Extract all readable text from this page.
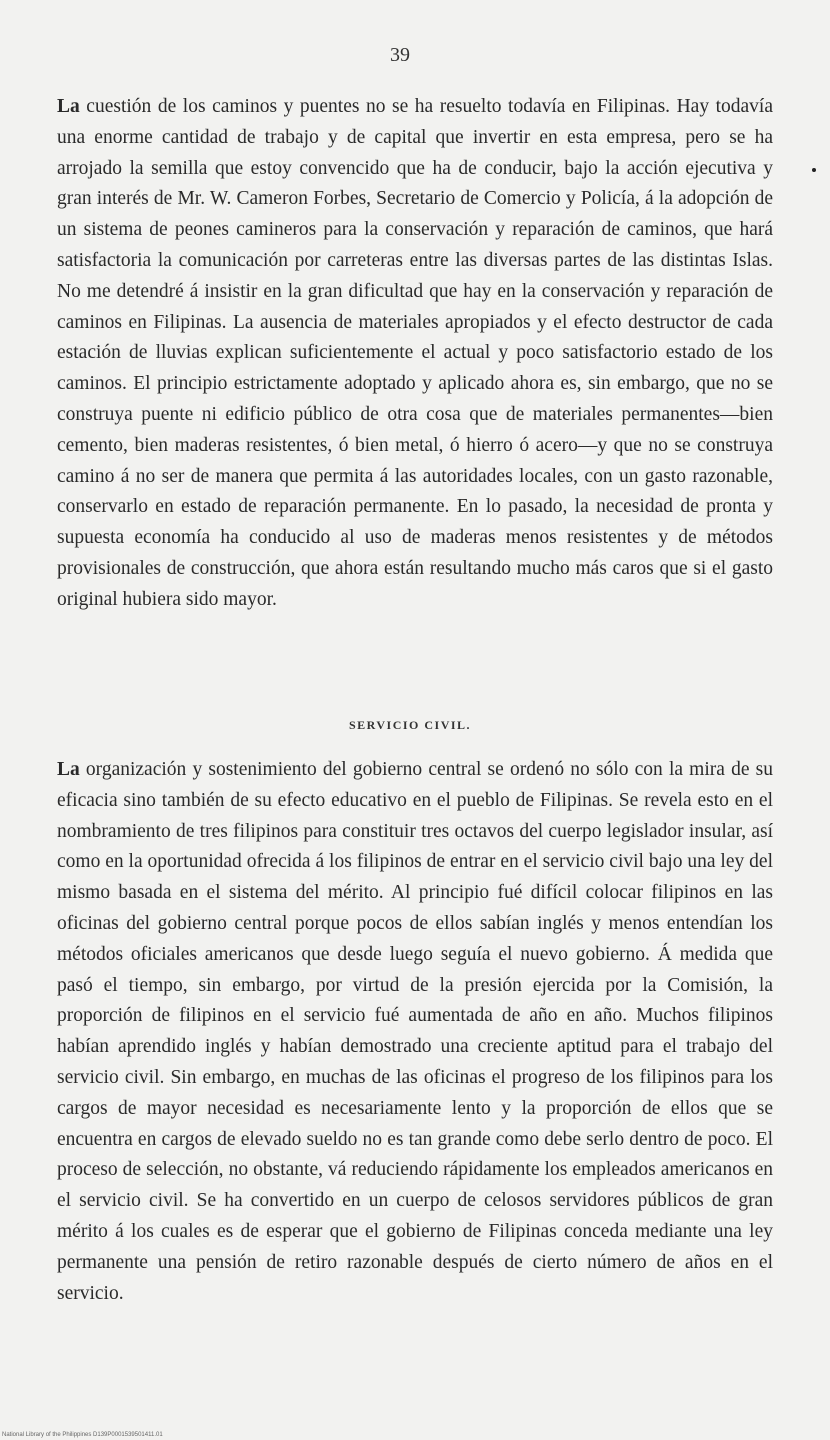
39
La cuestión de los caminos y puentes no se ha resuelto todavía en Filipinas. Hay todavía una enorme cantidad de trabajo y de capital que invertir en esta empresa, pero se ha arrojado la semilla que estoy convencido que ha de conducir, bajo la acción ejecutiva y gran interés de Mr. W. Cameron Forbes, Secretario de Comercio y Policía, á la adopción de un sistema de peones camineros para la conservación y reparación de caminos, que hará satisfactoria la comunicación por carreteras entre las diversas partes de las distintas Islas. No me detendré á insistir en la gran dificultad que hay en la conservación y reparación de caminos en Filipinas. La ausencia de materiales apropiados y el efecto destructor de cada estación de lluvias explican suficientemente el actual y poco satisfactorio estado de los caminos. El principio estrictamente adoptado y aplicado ahora es, sin embargo, que no se construya puente ni edificio público de otra cosa que de materiales permanentes—bien cemento, bien maderas resistentes, ó bien metal, ó hierro ó acero—y que no se construya camino á no ser de manera que permita á las autoridades locales, con un gasto razonable, conservarlo en estado de reparación permanente. En lo pasado, la necesidad de pronta y supuesta economía ha conducido al uso de maderas menos resistentes y de métodos provisionales de construcción, que ahora están resultando mucho más caros que si el gasto original hubiera sido mayor.
SERVICIO CIVIL.
La organización y sostenimiento del gobierno central se ordenó no sólo con la mira de su eficacia sino también de su efecto educativo en el pueblo de Filipinas. Se revela esto en el nombramiento de tres filipinos para constituir tres octavos del cuerpo legislador insular, así como en la oportunidad ofrecida á los filipinos de entrar en el servicio civil bajo una ley del mismo basada en el sistema del mérito. Al principio fué difícil colocar filipinos en las oficinas del gobierno central porque pocos de ellos sabían inglés y menos entendían los métodos oficiales americanos que desde luego seguía el nuevo gobierno. Á medida que pasó el tiempo, sin embargo, por virtud de la presión ejercida por la Comisión, la proporción de filipinos en el servicio fué aumentada de año en año. Muchos filipinos habían aprendido inglés y habían demostrado una creciente aptitud para el trabajo del servicio civil. Sin embargo, en muchas de las oficinas el progreso de los filipinos para los cargos de mayor necesidad es necesariamente lento y la proporción de ellos que se encuentra en cargos de elevado sueldo no es tan grande como debe serlo dentro de poco. El proceso de selección, no obstante, vá reduciendo rápidamente los empleados americanos en el servicio civil. Se ha convertido en un cuerpo de celosos servidores públicos de gran mérito á los cuales es de esperar que el gobierno de Filipinas conceda mediante una ley permanente una pensión de retiro razonable después de cierto número de años en el servicio.
National Library of the Philippines D139P0001539501411.01
